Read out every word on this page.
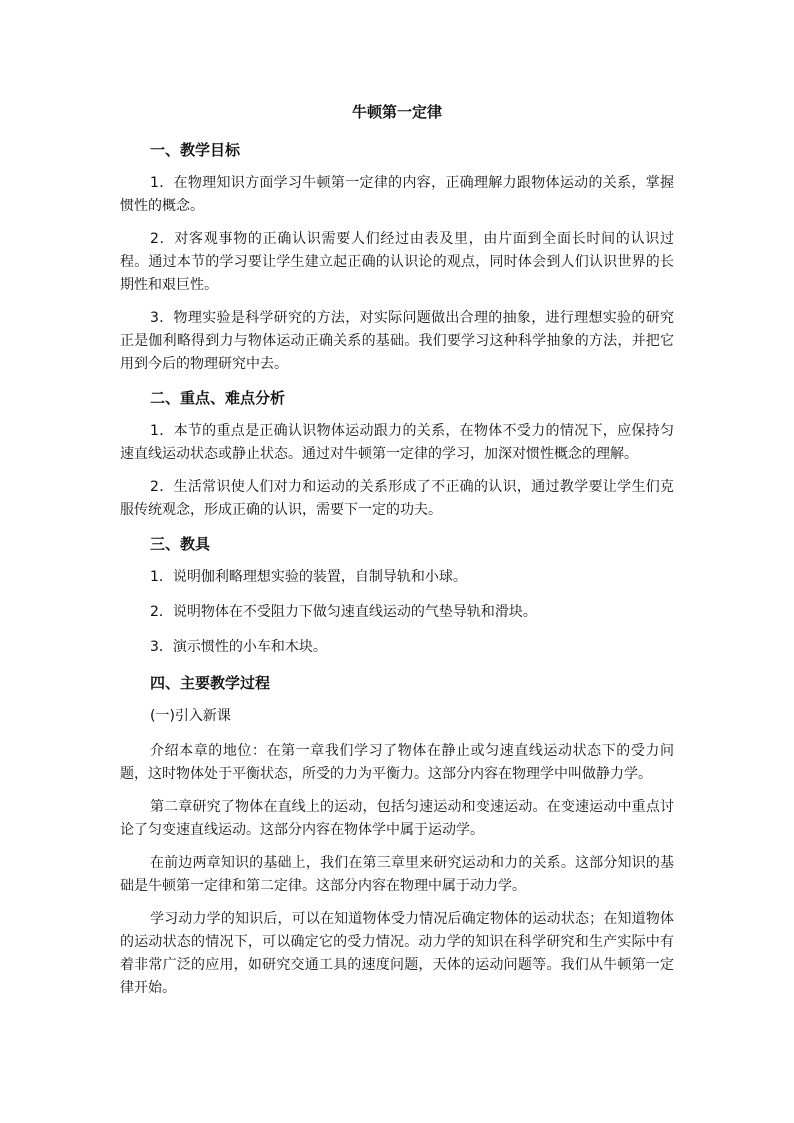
牛顿第一定律
一、教学目标

1．在物理知识方面学习牛顿第一定律的内容，正确理解力跟物体运动的关系，掌握惯性的概念。

2．对客观事物的正确认识需要人们经过由表及里，由片面到全面长时间的认识过程。通过本节的学习要让学生建立起正确的认识论的观点，同时体会到人们认识世界的长期性和艰巨性。

3．物理实验是科学研究的方法，对实际问题做出合理的抽象，进行理想实验的研究正是伽利略得到力与物体运动正确关系的基础。我们要学习这种科学抽象的方法，并把它用到今后的物理研究中去。

二、重点、难点分析

1．本节的重点是正确认识物体运动跟力的关系，在物体不受力的情况下，应保持匀速直线运动状态或静止状态。通过对牛顿第一定律的学习，加深对惯性概念的理解。

2．生活常识使人们对力和运动的关系形成了不正确的认识，通过教学要让学生们克服传统观念，形成正确的认识，需要下一定的功夫。

三、教具

1．说明伽利略理想实验的装置，自制导轨和小球。

2．说明物体在不受阻力下做匀速直线运动的气垫导轨和滑块。

3．演示惯性的小车和木块。

四、主要教学过程

(一)引入新课

介绍本章的地位：在第一章我们学习了物体在静止或匀速直线运动状态下的受力问题，这时物体处于平衡状态，所受的力为平衡力。这部分内容在物理学中叫做静力学。

第二章研究了物体在直线上的运动，包括匀速运动和变速运动。在变速运动中重点讨论了匀变速直线运动。这部分内容在物体学中属于运动学。

在前边两章知识的基础上，我们在第三章里来研究运动和力的关系。这部分知识的基础是牛顿第一定律和第二定律。这部分内容在物理中属于动力学。

学习动力学的知识后，可以在知道物体受力情况后确定物体的运动状态；在知道物体的运动状态的情况下，可以确定它的受力情况。动力学的知识在科学研究和生产实际中有着非常广泛的应用，如研究交通工具的速度问题，天体的运动问题等。我们从牛顿第一定律开始。
